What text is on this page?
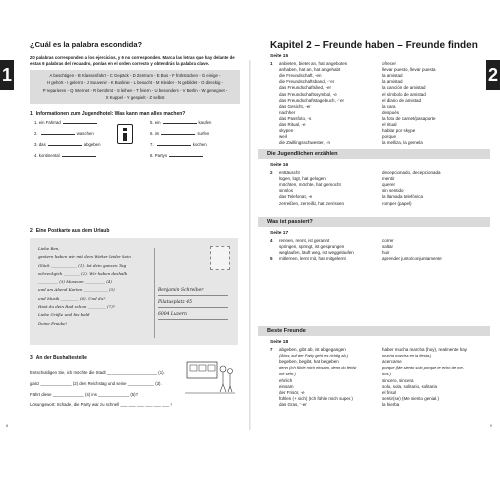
1
8
2
9
¿Cuál es la palabra escondida?
20 palabras corresponden a los ejercicios, y 6 no corresponden. Marca las letras que hay delante de estas 6 palabras del recuadro, ponlas en el orden correcto y obtendrás la palabra clave.
A beschtigen - B Klassenfahrt - C Gepäck - D Zentrum - E Bus - F frühstücken - G einige -
H gehört - I gelernt - J Souvenir - K Buslinie - L besucht - M Kleider - N gebildet - O direckig -
P reparieren - Q Internet - R berühmt - S leihen - T feiern - U besonders - V Berlin - W genegnet -
X Kuppel - Y gespielt - Z selbst
1 Informationen zum Jugendhotel: Was kann man alles machen?
1. ein Fahrrad
2.	waschen
3. das	abgeben
4. kontinental
5. ein	kaufen
6. im	surfen
7.	kochen
8. Partys
2 Eine Postkarte aus dem Urlaub
Liebe Ben,
gestern haben wir mit dem Wetter leider kein
Glück _____________ (1). Ist dein ganzen Tag
schreckgich ________ (2). Wir haben deshalb
__________ (3) Museum __________ (4)
und am Abend Karten ____________ (5)
und Musik _________ (6). Und du?
Hast du dein Rad schon _________ (7)?
Liebe Grüße und bis bald
Deine Frauke!
Benjamin Schreiber
Pilatusplatz 45
6004 Luzern
3 An der Bushaltestelle
Entschuldigen Sie, ich möchte die Stadt _____________________ (1).
ganz _____________ (2) den Reichstag und seine ___________ (3).
Fährt diese _____________ (4) ins _____________ (5)?
Lösungswort: Schade, die Party war zu schnell ___ ___ ___ ___ ___ ___ !
Kapitel 2 – Freunde haben – Freunde finden
Seite 15
1	anbieten, bietet an, hat angeboten	ofrecer
anhaben, hat an, hat angehabt	llevar puesto, llevar puesta
die Freundschaft, -en	la amistad
die Freundschaftsband, -¨er	la amistad
das Freundschaftslied, -er	la canción de amistad
das Freundschaftssymbol, -e	el símbolo de amistad
das Freundschaftstagebuch, -¨er	el diario de amistad
das Gesicht, -er	la cara
nachher	después
das Passfoto, -s	la foto de carnet/pasaporte
das Ritual, -e	el ritual
skypen	hablar por skype
weil	porque
die Zwillingsschwester, -n	la melliza, la gemela
Die Jugendlichen erzählen
Seite 16
2	enttäuscht	decepcionado, decepcionada
lügen, lügt, hat gelogen	mentir
möchten, möchte, hat gemocht	querer
sinnlos	sin sentido
das Telefonat, -e	la llamada telefónica
zerreißen, zerreißt, hat zerrissen	romper (papel)
Was ist passiert?
Seite 17
4	rennen, rennt, ist gerannt	correr
springen, springt, ist gesprungen	saltar
weglaufen, läuft weg, ist weggelaufen	huir
5	mitlernen, lernt mit, hat mitgelernt	aprender junto/conjuntamente
Beste Freunde
Seite 18
7	abgeben, gibt ab, ist abgegangen	haber mucha marcha (hoy), realmente hay
(Wow, auf der Party geht es richtig ab.)	mucha marcha en la fiesta.)
begeben, begibt, hat begeben	acercarse
denn (Ich fühle mich einsam, denn du fehlst	porque (Me siento solo porque te echo de me-
mir sehr.)	nos.)
ehrlich	sincero, sincera
einsam	solo, sola, solitario, solitaria
der Frisör, -e	el frisol
fühlen (+ sich) (Ich fühle mich super.)	sentir(se) (Me siento genial.)
das Gras, ¨-er	la hierba
